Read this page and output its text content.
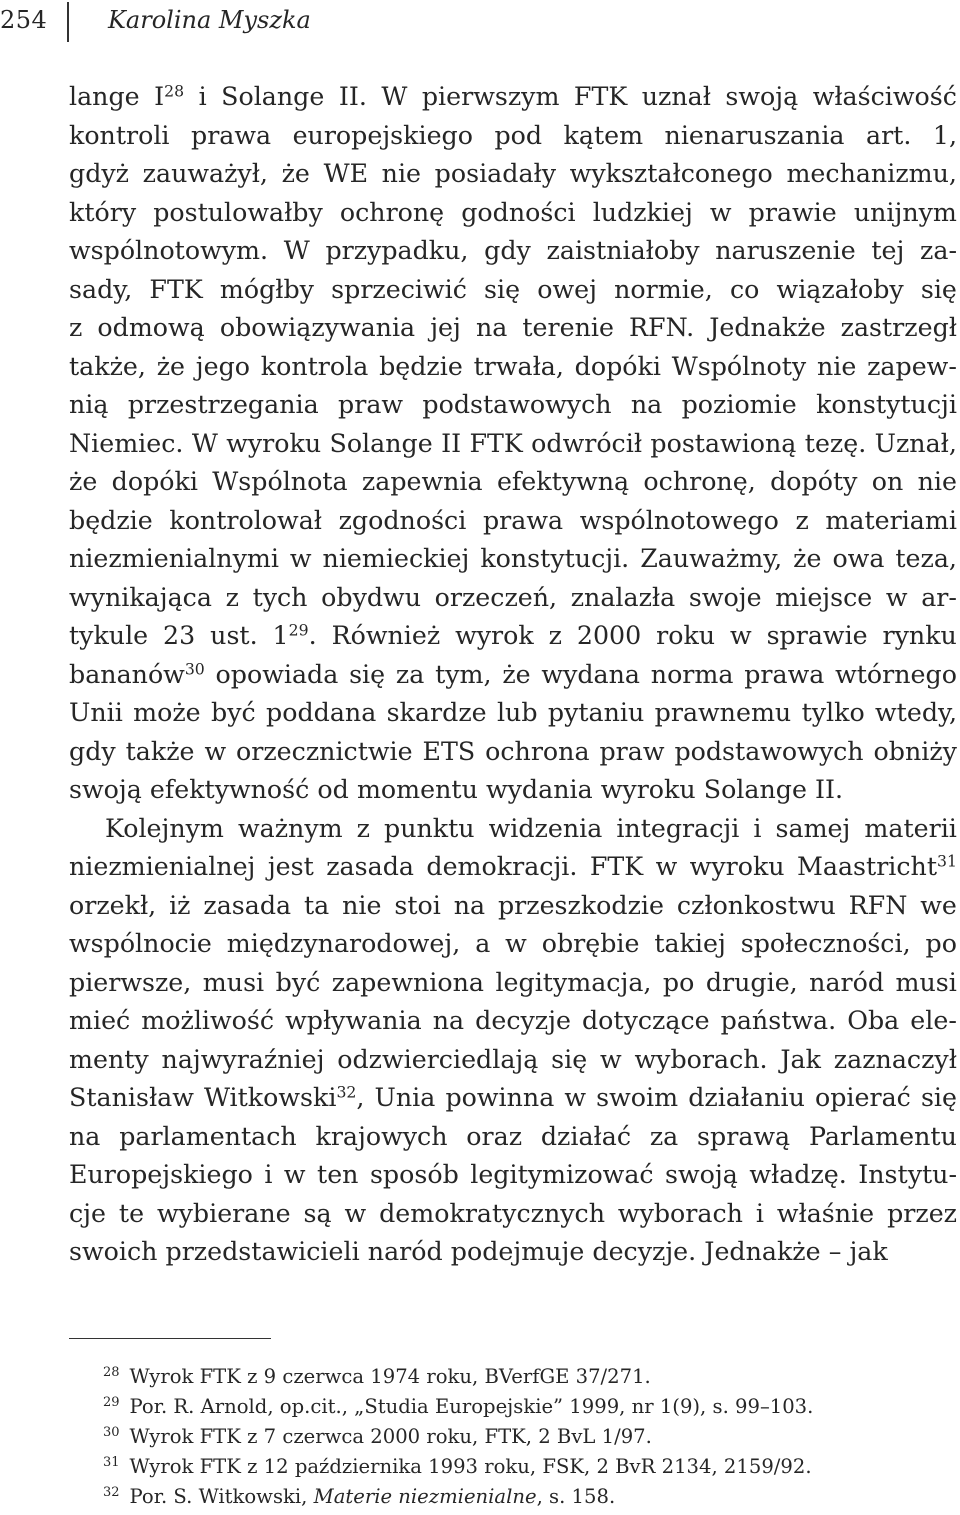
254	Karolina Myszka
lange $I^{28}$ i Solange II. W pierwszym FTK uznał swoją właściwość
kontroli prawa europejskiego pod kątem nienaruszania art. 1,
gdyż zauważył, że WE nie posiadały wykształconego mechanizmu,
który postulowałby ochronę godności ludzkiej w prawie unijnym
wspólnotowym. W przypadku, gdy zaistniałoby naruszenie tej za-
sady, FTK mógłby sprzeciwić się owej normie, co wiązałoby się
z odmową obowiązywania jej na terenie RFN. Jednakże zastrzegł
także, że jego kontrola będzie trwała, dopóki Wspólnoty nie zapew-
nią przestrzegania praw podstawowych na poziomie konstytucji
Niemiec. W wyroku Solange II FTK odwrócił postawioną tezę. Uznał,
że dopóki Wspólnota zapewnia efektywną ochronę, dopóty on nie
będzie kontrolował zgodności prawa wspólnotowego z materiami
niezmienialnymi w niemieckiej konstytucji. Zauważmy, że owa teza,
wynikająca z tych obydwu orzeczeń, znalazła swoje miejsce w ar-
tykule 23 ust. $1^{29}$. Również wyrok z 2000 roku w sprawie rynku
bananów$^{30}$ opowiada się za tym, że wydana norma prawa wtórnego
Unii może być poddana skardze lub pytaniu prawnemu tylko wtedy,
gdy także w orzecznictwie ETS ochrona praw podstawowych obniży
swoją efektywność od momentu wydania wyroku Solange II.
Kolejnym ważnym z punktu widzenia integracji i samej materii
niezmienialnej jest zasada demokracji. FTK w wyroku Maastricht$^{31}$
orzekł, iż zasada ta nie stoi na przeszkodzie członkostwu RFN we
wspólnocie międzynarodowej, a w obrębie takiej społeczności, po
pierwsze, musi być zapewniona legitymacja, po drugie, naród musi
mieć możliwość wpływania na decyzje dotyczące państwa. Oba ele-
menty najwyraźniej odzwierciedlają się w wyborach. Jak zaznaczył
Stanisław Witkowski$^{32}$, Unia powinna w swoim działaniu opierać się
na parlamentach krajowych oraz działać za sprawą Parlamentu
Europejskiego i w ten sposób legitymizować swoją władzę. Instytu-
cje te wybierane są w demokratycznych wyborach i właśnie przez
swoich przedstawicieli naród podejmuje decyzje. Jednakże – jak
$^{28}$ Wyrok FTK z 9 czerwca 1974 roku, BVerfGE 37/271.
$^{29}$ Por. R. Arnold, op.cit., „Studia Europejskie” 1999, nr 1(9), s. 99–103.
$^{30}$ Wyrok FTK z 7 czerwca 2000 roku, FTK, 2 BvL 1/97.
$^{31}$ Wyrok FTK z 12 października 1993 roku, FSK, 2 BvR 2134, 2159/92.
$^{32}$ Por. S. Witkowski, Materie niezmienialne, s. 158.
